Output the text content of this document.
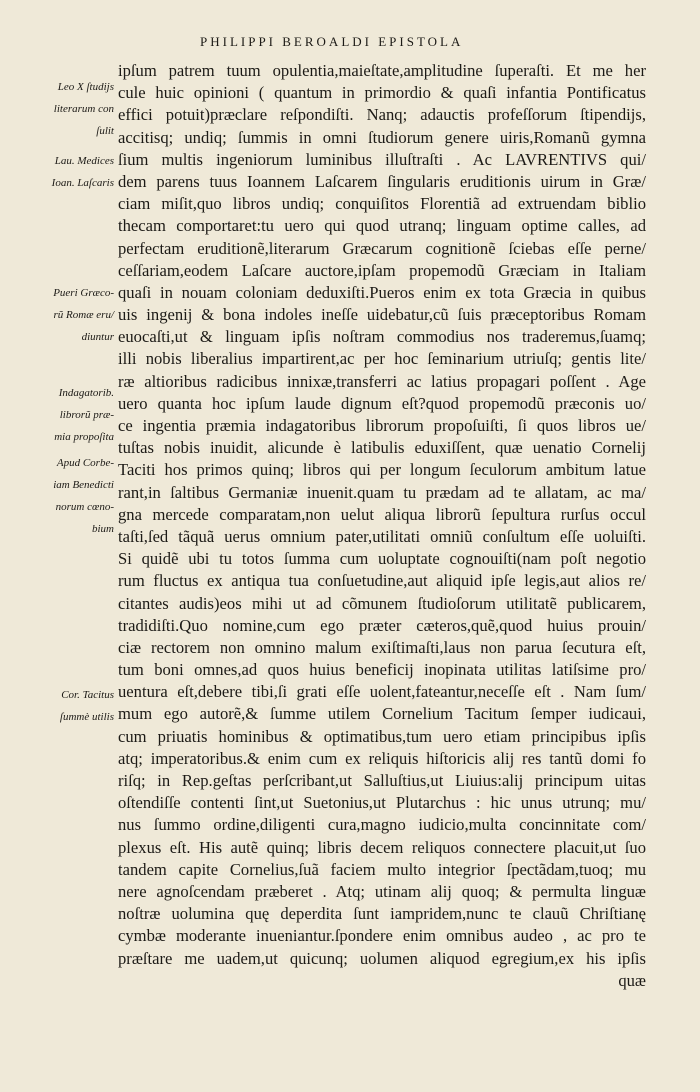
PHILIPPI BEROALDI EPISTOLA
Leo X ſtudijs
literarum con
ſulit
Lau. Medices
Ioan. Laſcaris
Pueri Græco-
rũ Romæ eru/
diuntur
Indagatorib.
librorũ præ-
mia propoſita
Apud Corbe-
iam Benedicti
norum cœno-
bium
Cor. Tacitus
ſummè utilis
ipſum patrem tuum opulentia,maieſtate,amplitudine ſuperaſti. Et me her
cule huic opinioni ( quantum in primordio & quaſi infantia Pontificatus
effici potuit)præclare reſpondiſti. Nanq; adauctis profeſſorum ſtipendijs,
accitisq; undiq; ſummis in omni ſtudiorum genere uiris,Romanũ gymna
ſium multis ingeniorum luminibus illuſtraſti . Ac LAVRENTIVS qui/
dem parens tuus Ioannem Laſcarem ſingularis eruditionis uirum in Græ/
ciam miſit,quo libros undiq; conquiſitos Florentiã ad extruendam biblio
thecam comportaret:tu uero qui quod utranq; linguam optime calles, ad
perfectam eruditionẽ,literarum Græcarum cognitionẽ ſciebas eſſe perne/
ceſſariam,eodem Laſcare auctore,ipſam propemodũ Græciam in Italiam
quaſi in nouam coloniam deduxiſti.Pueros enim ex tota Græcia in quibus
uis ingenij & bona indoles ineſſe uidebatur,cũ ſuis præceptoribus Romam
euocaſti,ut & linguam ipſis noſtram commodius nos traderemus,ſuamq;
illi nobis liberalius impartirent,ac per hoc ſeminarium utriuſq; gentis lite/
ræ altioribus radicibus innixæ,transferri ac latius propagari poſſent . Age
uero quanta hoc ipſum laude dignum eſt?quod propemodũ præconis uo/
ce ingentia præmia indagatoribus librorum propoſuiſti, ſi quos libros ue/
tuſtas nobis inuidit, alicunde è latibulis eduxiſſent, quæ uenatio Cornelij
Taciti hos primos quinq; libros qui per longum ſeculorum ambitum latue
rant,in ſaltibus Germaniæ inuenit.quam tu prædam ad te allatam, ac ma/
gna mercede comparatam,non uelut aliqua librorũ ſepultura rurſus occul
taſti,ſed tãquã uerus omnium pater,utilitati omniũ conſultum eſſe uoluiſti.
Si quidẽ ubi tu totos ſumma cum uoluptate cognouiſti(nam poſt negotio
rum fluctus ex antiqua tua conſuetudine,aut aliquid ipſe legis,aut alios re/
citantes audis)eos mihi ut ad cõmunem ſtudioſorum utilitatẽ publicarem,
tradidiſti.Quo nomine,cum ego præter cæteros,quẽ,quod huius prouin/
ciæ rectorem non omnino malum exiſtimaſti,laus non parua ſecutura eſt,
tum boni omnes,ad quos huius beneficij inopinata utilitas latiſsime pro/
uentura eſt,debere tibi,ſi grati eſſe uolent,fateantur,neceſſe eſt . Nam ſum/
mum ego autorẽ,& ſumme utilem Cornelium Tacitum ſemper iudicaui,
cum priuatis hominibus & optimatibus,tum uero etiam principibus ipſis
atq; imperatoribus.& enim cum ex reliquis hiſtoricis alij res tantũ domi fo
riſq; in Rep.geſtas perſcribant,ut Salluſtius,ut Liuius:alij principum uitas
oſtendiſſe contenti ſint,ut Suetonius,ut Plutarchus : hic unus utrunq; mu/
nus ſummo ordine,diligenti cura,magno iudicio,multa concinnitate com/
plexus eſt. His autẽ quinq; libris decem reliquos connectere placuit,ut ſuo
tandem capite Cornelius,ſuã faciem multo integrior ſpectãdam,tuoq; mu
nere agnoſcendam præberet . Atq; utinam alij quoq; & permulta linguæ
noſtræ uolumina quę deperdita ſunt iampridem,nunc te clauũ Chriſtianę
cymbæ moderante inueniantur.ſpondere enim omnibus audeo , ac pro te
præſtare me uadem,ut quicunq; uolumen aliquod egregium,ex his ipſis
quæ
